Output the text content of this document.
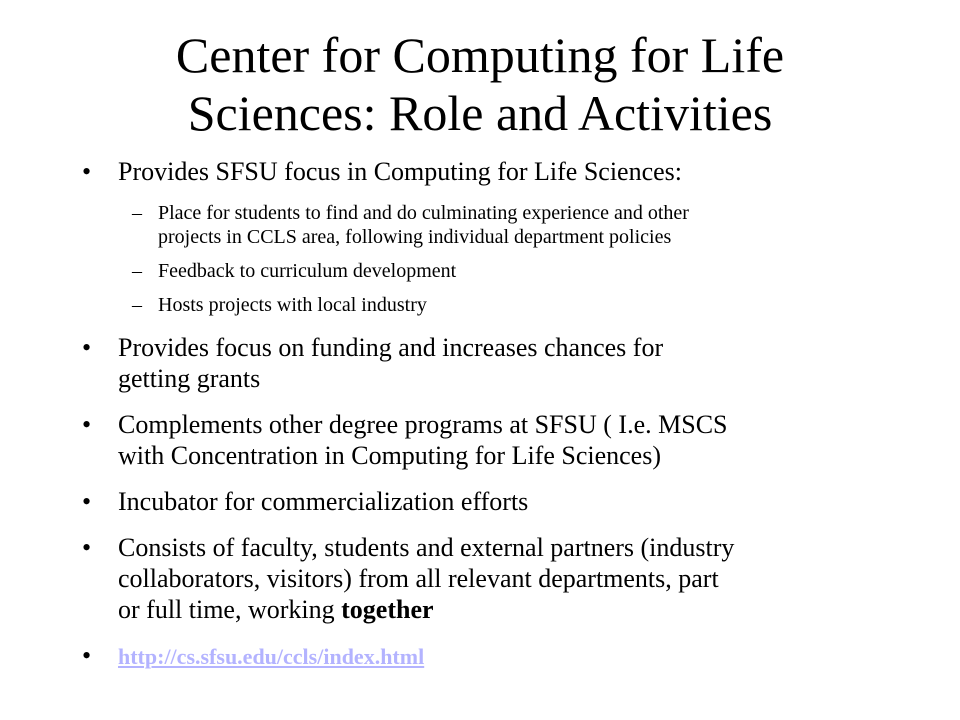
Center for Computing for Life
Sciences: Role and Activities
• Provides SFSU focus in Computing for Life Sciences:
– Place for students to find and do culminating experience and other
projects in CCLS area, following individual department policies
– Feedback to curriculum development
– Hosts projects with local industry
• Provides focus on funding and increases chances for
getting grants
• Complements other degree programs at SFSU ( I.e. MSCS
with Concentration in Computing for Life Sciences)
• Incubator for commercialization efforts
• Consists of faculty, students and external partners (industry
collaborators, visitors) from all relevant departments, part
or full time, working together
• http://cs.sfsu.edu/ccls/index.html
